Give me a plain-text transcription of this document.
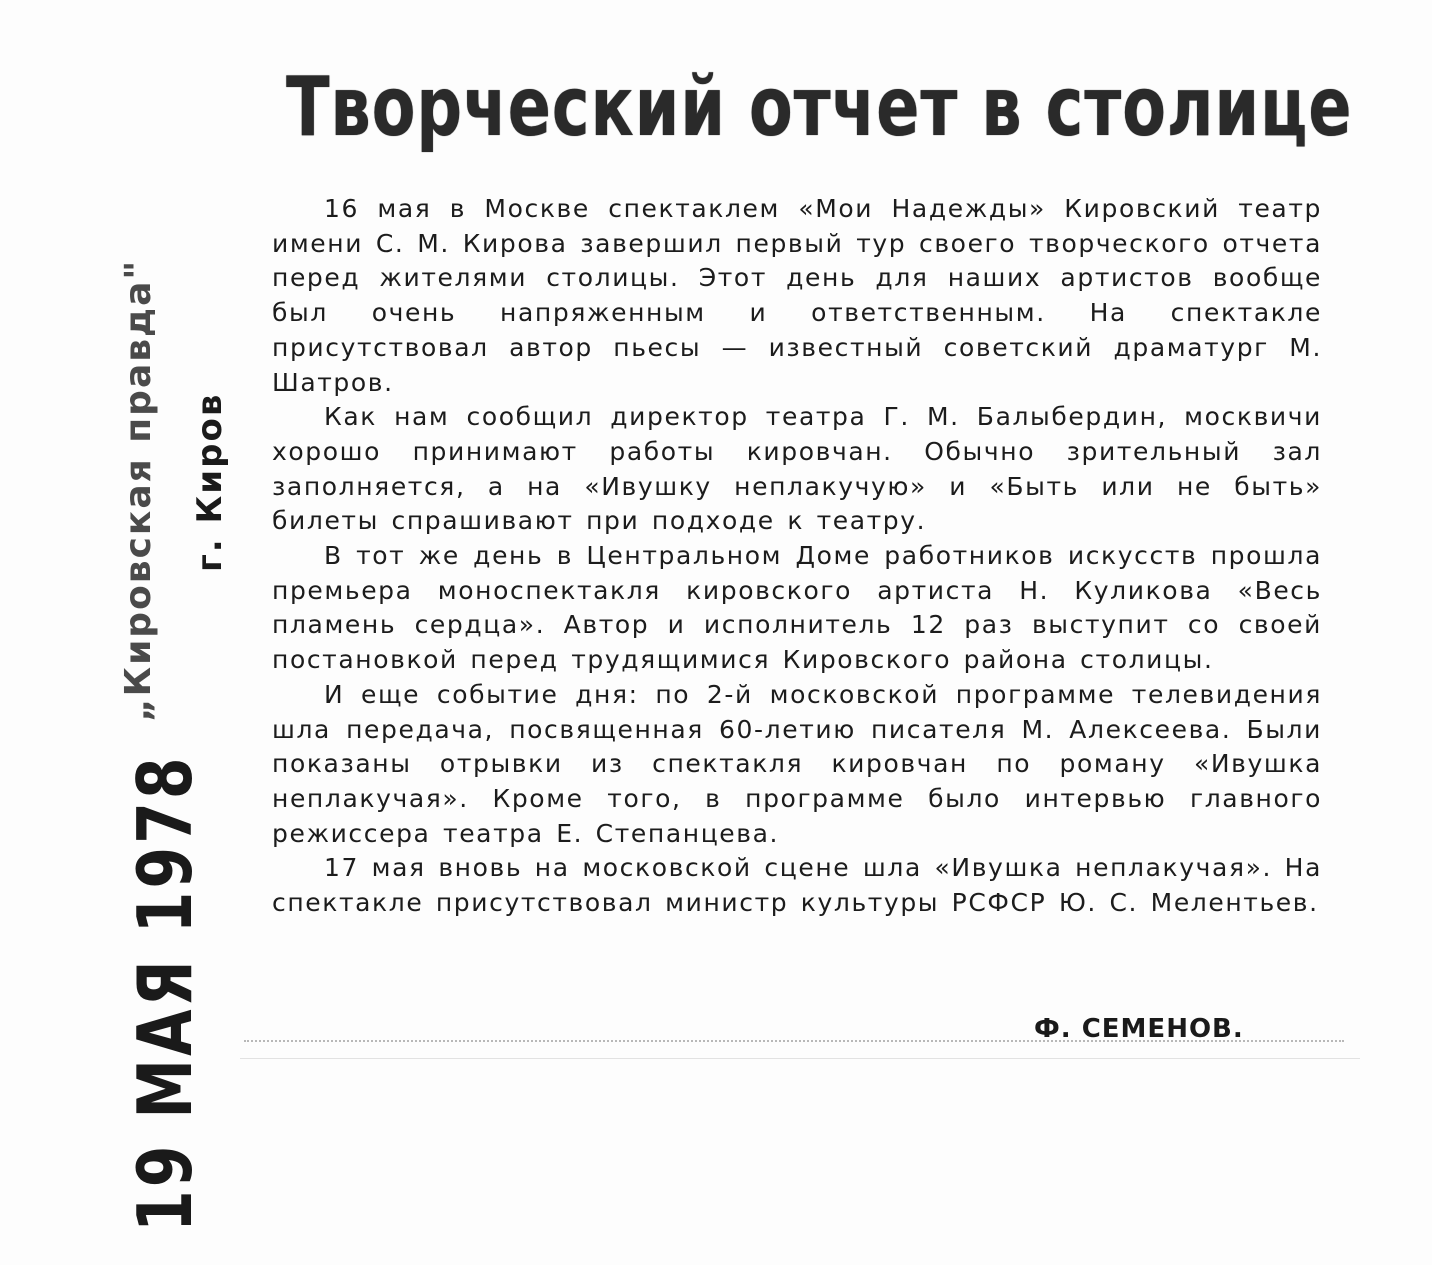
Творческий отчет в столице

16 мая в Москве спектаклем «Мои Надежды» Кировский театр имени С. М. Кирова завершил первый тур своего творческого отчета перед жителями столицы. Этот день для наших артистов вообще был очень напряженным и ответственным. На спектакле присутствовал автор пьесы — известный советский драматург М. Шатров.

Как нам сообщил директор театра Г. М. Балыбердин, москвичи хорошо принимают работы кировчан. Обычно зрительный зал заполняется, а на «Ивушку неплакучую» и «Быть или не быть» билеты спрашивают при подходе к театру.

В тот же день в Центральном Доме работников искусств прошла премьера моноспектакля кировского артиста Н. Куликова «Весь пламень сердца». Автор и исполнитель 12 раз выступит со своей постановкой перед трудящимися Кировского района столицы.

И еще событие дня: по 2-й московской программе телевидения шла передача, посвященная 60-летию писателя М. Алексеева. Были показаны отрывки из спектакля кировчан по роману «Ивушка неплакучая». Кроме того, в программе было интервью главного режиссера театра Е. Степанцева.

17 мая вновь на московской сцене шла «Ивушка неплакучая». На спектакле присутствовал министр культуры РСФСР Ю. С. Мелентьев.

Ф. СЕМЕНОВ.
„Кировская правда" г. Киров
19 МАЯ 1978
